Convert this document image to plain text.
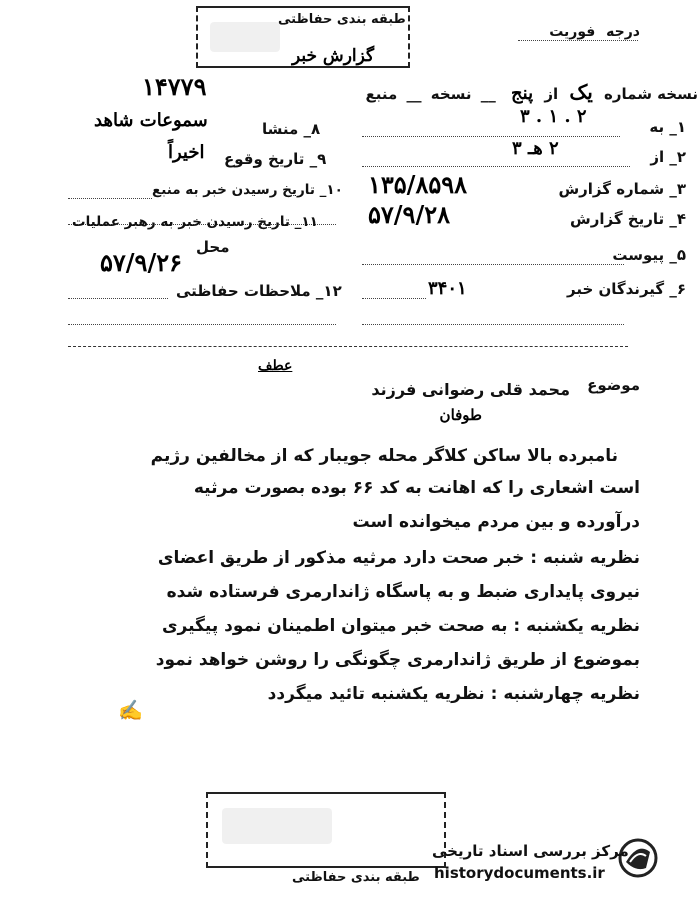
طبقه بندی حفاظتی
درجه فوریت
گزارش خبر
نسخه شماره یک از پنج __ نسخه __ منبع
۱۴۷۷۹
۱_ به
۳ . ۱ . ۲
۲_ از
۲ هـ ۳
۳_ شماره گزارش
۱۳۵/۸۵۹۸
۴_ تاریخ گزارش
۵۷/۹/۲۸
۵_ پیوست
۶_ گیرندگان خبر
۳۴۰۱
۸_ منشا
سموعات شاهد
۹_ تاریخ وقوع
اخیراً
۱۰_ تاریخ رسیدن خبر به منبع
۱۱_ تاریخ رسیدن خبر به رهبر عملیات
محل
۵۷/۹/۲۶
۱۲_ ملاحظات حفاظتی
عطف
موضوع
محمد قلی رضوانی فرزند
طوفان
نامبرده بالا ساکن کلاگر محله جویبار که از مخالفین رژیم
است اشعاری را که اهانت به کد ۶۶ بوده بصورت مرثیه
درآورده و بین مردم میخوانده است
نظریه شنبه : خبر صحت دارد مرثیه مذکور از طریق اعضای
نیروی پایداری ضبط و به پاسگاه ژاندارمری فرستاده شده
نظریه یکشنبه : به صحت خبر میتوان اطمینان نمود پیگیری
بموضوع از طریق ژاندارمری چگونگی را روشن خواهد نمود
نظریه چهارشنبه : نظریه یکشنبه تائید میگردد
✍
طبقه بندی حفاظتی
مرکز بررسی اسناد تاریخی
historydocuments.ir
